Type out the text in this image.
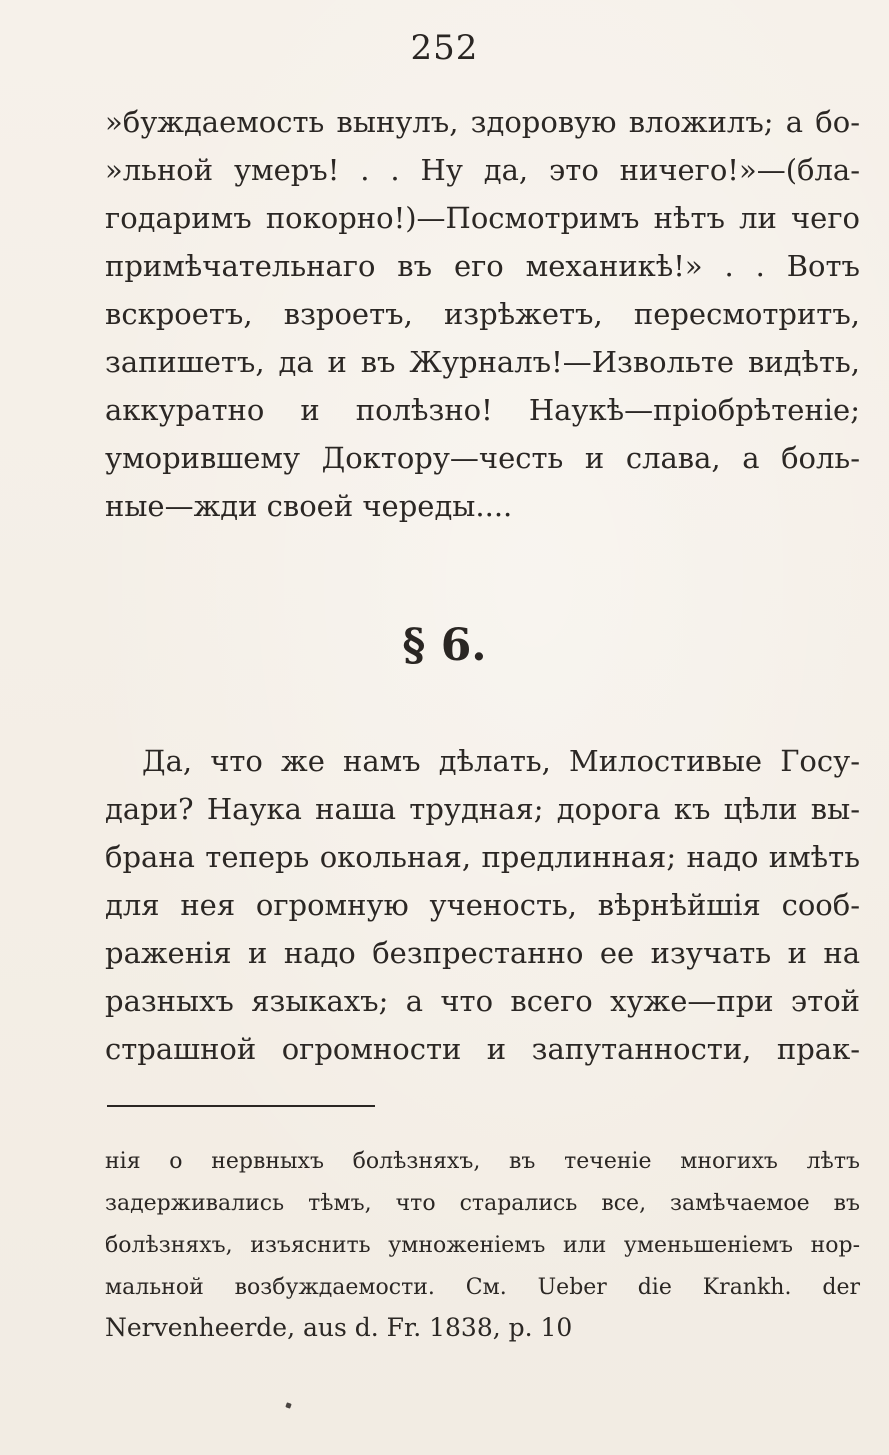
252
»буждаемость вынулъ, здоровую вложилъ; а бо-
»льной умеръ! . . Ну да, это ничего!»—(бла-
годаримъ покорно!)—Посмотримъ нѣтъ ли чего
примѣчательнаго въ его механикѣ!» . . Вотъ
вскроетъ, взроетъ, изрѣжетъ, пересмотритъ,
запишетъ, да и въ Журналъ!—Извольте видѣть,
аккуратно и полѣзно! Наукѣ—пріобрѣтеніе;
уморившему Доктору—честь и слава, а боль-
ные—жди своей череды....
§ 6.
Да, что же намъ дѣлать, Милостивые Госу-
дари? Наука наша трудная; дорога къ цѣли вы-
брана теперь окольная, предлинная; надо имѣть
для нея огромную ученость, вѣрнѣйшія сооб-
раженія и надо безпрестанно ее изучать и на
разныхъ языкахъ; а что всего хуже—при этой
страшной огромности и запутанности, прак-
нія о нервныхъ болѣзняхъ, въ теченіе многихъ лѣтъ
задерживались тѣмъ, что старались все, замѣчаемое въ
болѣзняхъ, изъяснить умноженіемъ или уменьшеніемъ нор-
мальной возбуждаемости. См. Ueber die Krankh. der
Nervenheerde, aus d. Fr. 1838, p. 10
